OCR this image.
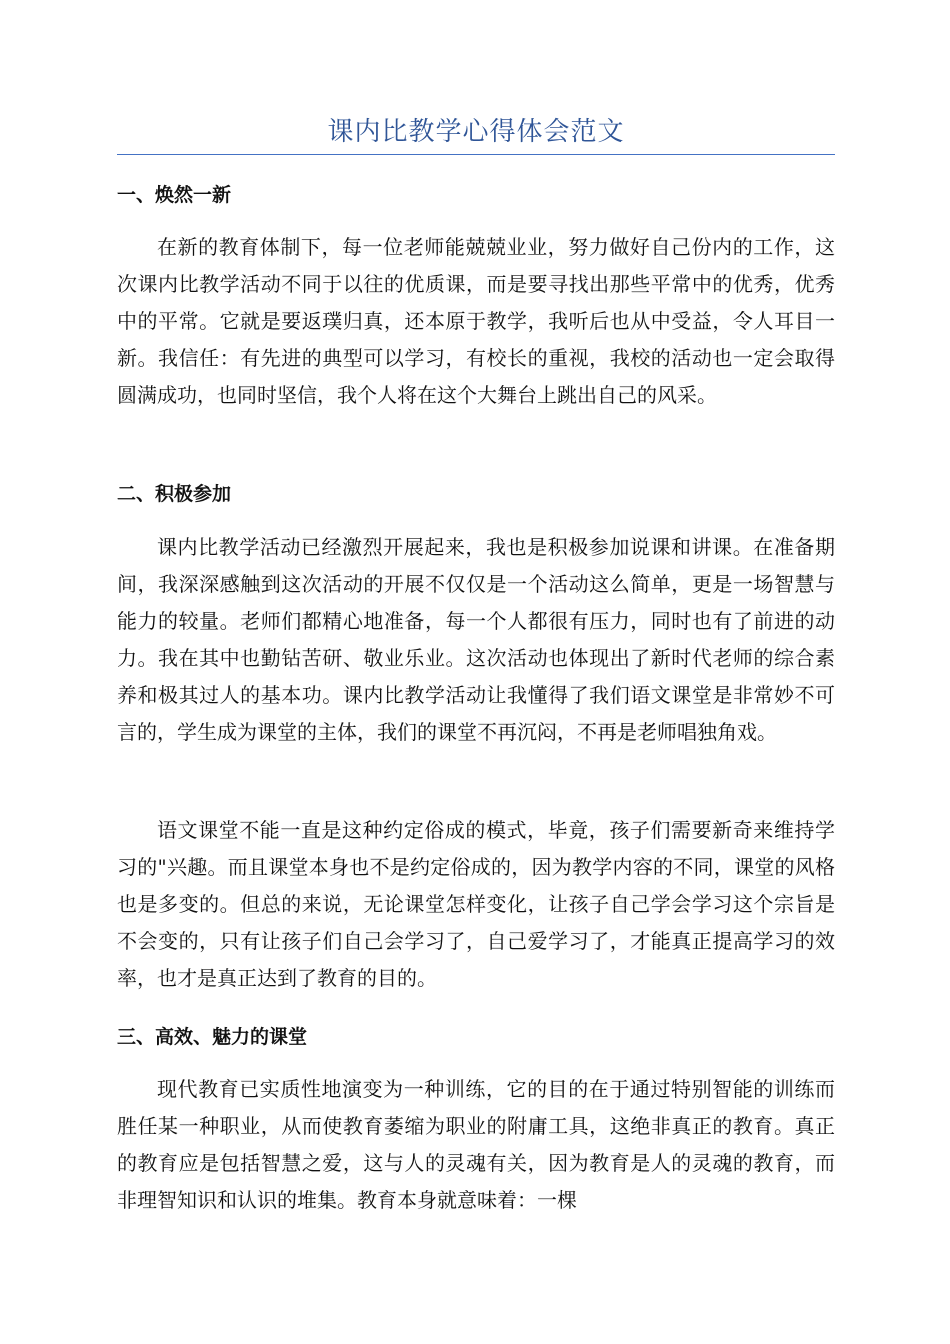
课内比教学心得体会范文
一、焕然一新

在新的教育体制下，每一位老师能兢兢业业，努力做好自己份内的工作，这次课内比教学活动不同于以往的优质课，而是要寻找出那些平常中的优秀，优秀中的平常。它就是要返璞归真，还本原于教学，我听后也从中受益，令人耳目一新。我信任：有先进的典型可以学习，有校长的重视，我校的活动也一定会取得圆满成功，也同时坚信，我个人将在这个大舞台上跳出自己的风采。

二、积极参加

课内比教学活动已经激烈开展起来，我也是积极参加说课和讲课。在准备期间，我深深感触到这次活动的开展不仅仅是一个活动这么简单，更是一场智慧与能力的较量。老师们都精心地准备，每一个人都很有压力，同时也有了前进的动力。我在其中也勤钻苦研、敬业乐业。这次活动也体现出了新时代老师的综合素养和极其过人的基本功。课内比教学活动让我懂得了我们语文课堂是非常妙不可言的，学生成为课堂的主体，我们的课堂不再沉闷，不再是老师唱独角戏。

语文课堂不能一直是这种约定俗成的模式，毕竟，孩子们需要新奇来维持学习的"兴趣。而且课堂本身也不是约定俗成的，因为教学内容的不同，课堂的风格也是多变的。但总的来说，无论课堂怎样变化，让孩子自己学会学习这个宗旨是不会变的，只有让孩子们自己会学习了，自己爱学习了，才能真正提高学习的效率，也才是真正达到了教育的目的。

三、高效、魅力的课堂

现代教育已实质性地演变为一种训练，它的目的在于通过特别智能的训练而胜任某一种职业，从而使教育萎缩为职业的附庸工具，这绝非真正的教育。真正的教育应是包括智慧之爱，这与人的灵魂有关，因为教育是人的灵魂的教育，而非理智知识和认识的堆集。教育本身就意味着：一棵
